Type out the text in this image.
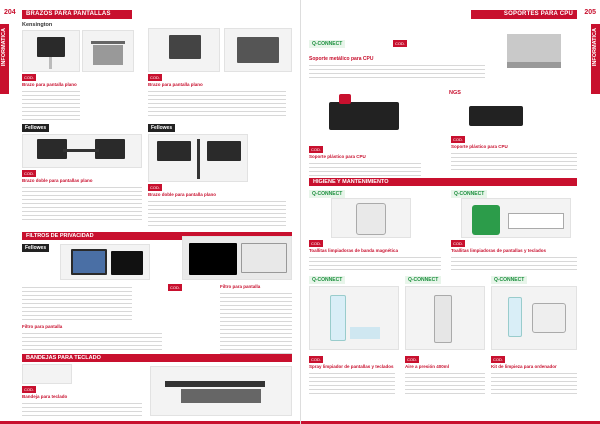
204	BRAZOS PARA PANTALLAS
INFORMATICA
Kensington
COD.
Brazo para pantalla plano
COD.
Brazo para pantalla plano
Fellowes
COD.
Brazo doble para pantallas plano
Fellowes
COD.
Brazo doble para pantalla plano
FILTROS DE PRIVACIDAD
Fellowes
Filtro para pantalla
COD.	Filtro para pantalla
BANDEJAS PARA TECLADO
COD.
Bandeja para teclado
SOPORTES PARA CPU	205
INFORMATICA
Q-CONNECT	COD.
Soporte metálico para CPU
NGS
COD.
Soporte plástico para CPU
COD.
Soporte plástico para CPU
HIGIENE Y MANTENIMIENTO
Q-CONNECT
COD.
Toallitas limpiadoras de banda magnética
Q-CONNECT
COD.
Toallitas limpiadoras de pantallas y teclados
Q-CONNECT
COD.
Spray limpiador de pantallas y teclados
Q-CONNECT
COD.
Aire a presión 400ml
Q-CONNECT
COD.
Kit de limpieza para ordenador
